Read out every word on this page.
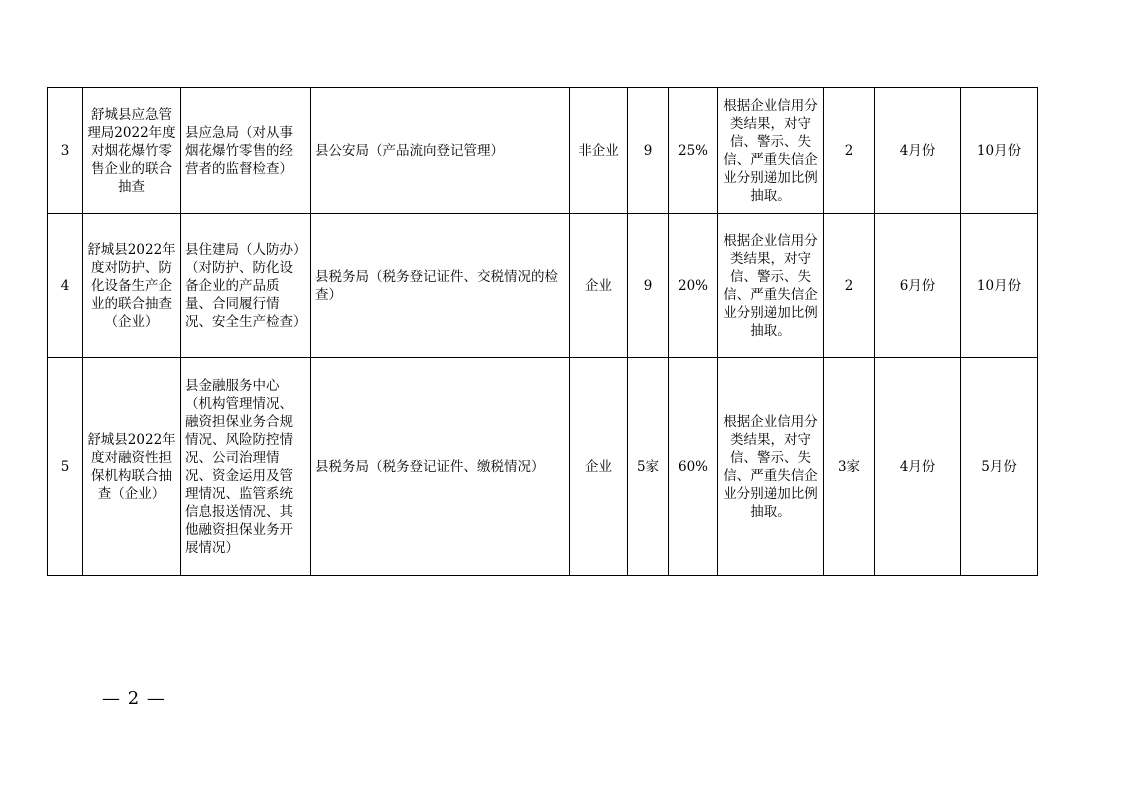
3	舒城县应急管理局2022年度对烟花爆竹零售企业的联合抽查	县应急局（对从事烟花爆竹零售的经营者的监督检查）	县公安局（产品流向登记管理）	非企业	9	25%	根据企业信用分类结果，对守信、警示、失信、严重失信企业分别递加比例抽取。	2	4月份	10月份
4	舒城县2022年度对防护、防化设备生产企业的联合抽查（企业）	县住建局（人防办）（对防护、防化设备企业的产品质量、合同履行情况、安全生产检查）	县税务局（税务登记证件、交税情况的检查）	企业	9	20%	根据企业信用分类结果，对守信、警示、失信、严重失信企业分别递加比例抽取。	2	6月份	10月份
5	舒城县2022年度对融资性担保机构联合抽查（企业）	县金融服务中心（机构管理情况、融资担保业务合规情况、风险防控情况、公司治理情况、资金运用及管理情况、监管系统信息报送情况、其他融资担保业务开展情况）	县税务局（税务登记证件、缴税情况）	企业	5家	60%	根据企业信用分类结果，对守信、警示、失信、严重失信企业分别递加比例抽取。	3家	4月份	5月份
— 2 —
